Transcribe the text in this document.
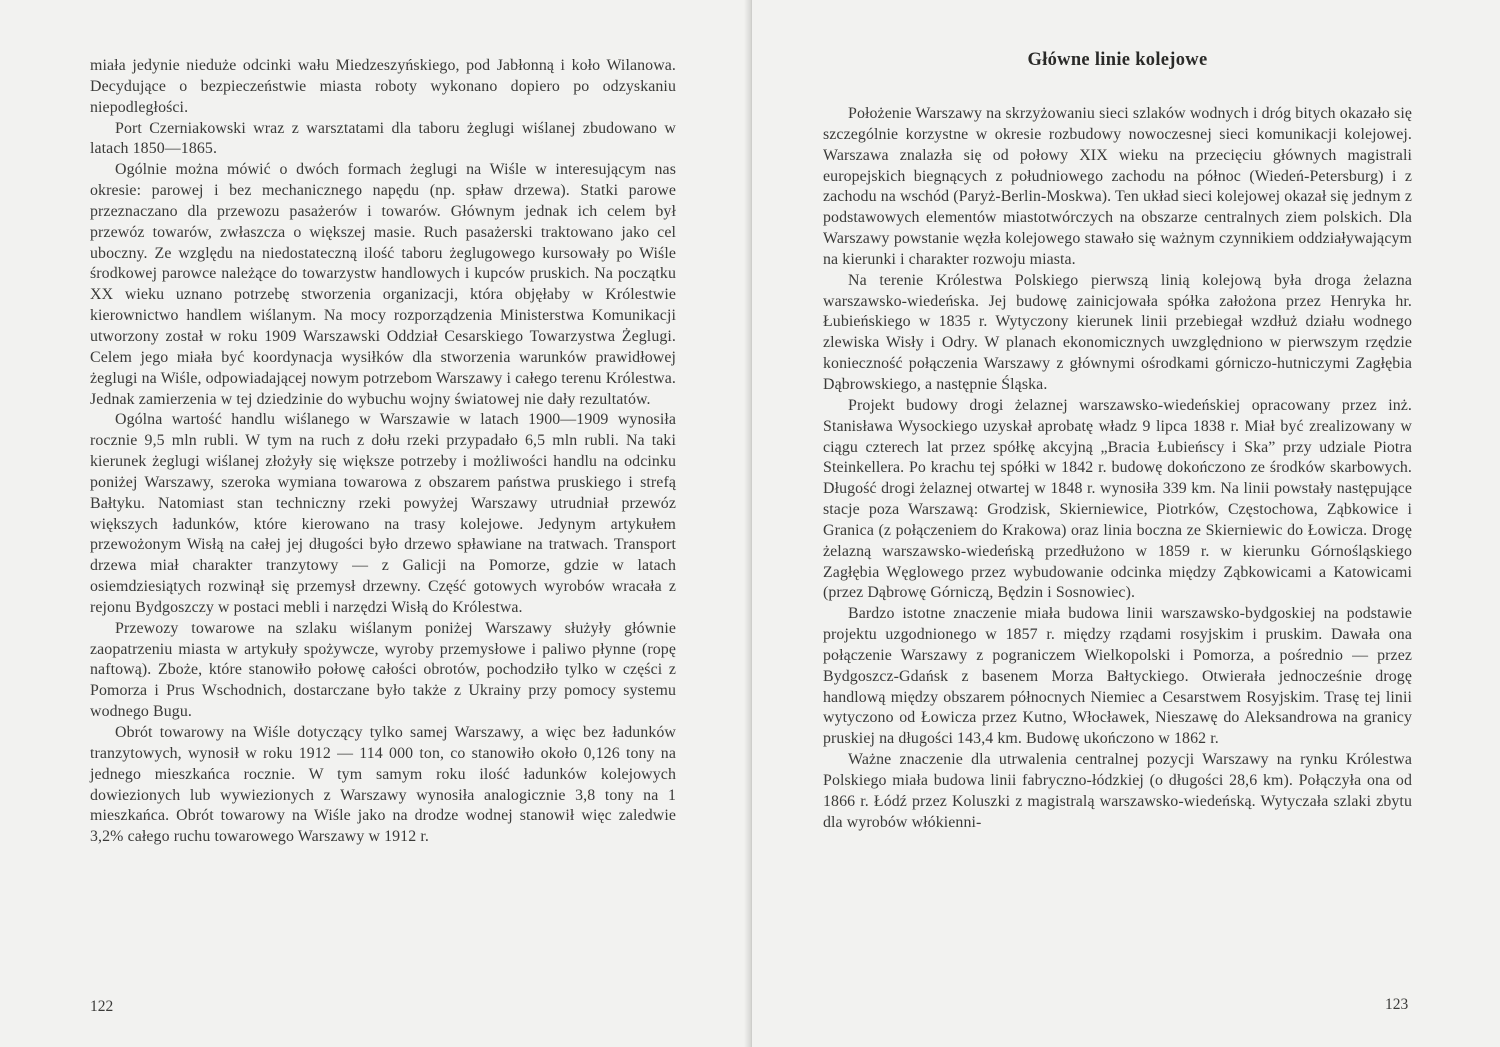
miała jedynie nieduże odcinki wału Miedzeszyńskiego, pod Jabłonną i koło Wilanowa. Decydujące o bezpieczeństwie miasta roboty wykonano dopiero po odzyskaniu niepodległości.

Port Czerniakowski wraz z warsztatami dla taboru żeglugi wiślanej zbudowano w latach 1850—1865.

Ogólnie można mówić o dwóch formach żeglugi na Wiśle w interesującym nas okresie: parowej i bez mechanicznego napędu (np. spław drzewa). Statki parowe przeznaczano dla przewozu pasażerów i towarów. Głównym jednak ich celem był przewóz towarów, zwłaszcza o większej masie. Ruch pasażerski traktowano jako cel uboczny. Ze względu na niedostateczną ilość taboru żeglugowego kursowały po Wiśle środkowej parowce należące do towarzystw handlowych i kupców pruskich. Na początku XX wieku uznano potrzebę stworzenia organizacji, która objęłaby w Królestwie kierownictwo handlem wiślanym. Na mocy rozporządzenia Ministerstwa Komunikacji utworzony został w roku 1909 Warszawski Oddział Cesarskiego Towarzystwa Żeglugi. Celem jego miała być koordynacja wysiłków dla stworzenia warunków prawidłowej żeglugi na Wiśle, odpowiadającej nowym potrzebom Warszawy i całego terenu Królestwa. Jednak zamierzenia w tej dziedzinie do wybuchu wojny światowej nie dały rezultatów.

Ogólna wartość handlu wiślanego w Warszawie w latach 1900—1909 wynosiła rocznie 9,5 mln rubli. W tym na ruch z dołu rzeki przypadało 6,5 mln rubli. Na taki kierunek żeglugi wiślanej złożyły się większe potrzeby i możliwości handlu na odcinku poniżej Warszawy, szeroka wymiana towarowa z obszarem państwa pruskiego i strefą Bałtyku. Natomiast stan techniczny rzeki powyżej Warszawy utrudniał przewóz większych ładunków, które kierowano na trasy kolejowe. Jedynym artykułem przewożonym Wisłą na całej jej długości było drzewo spławiane na tratwach. Transport drzewa miał charakter tranzytowy — z Galicji na Pomorze, gdzie w latach osiemdziesiątych rozwinął się przemysł drzewny. Część gotowych wyrobów wracała z rejonu Bydgoszczy w postaci mebli i narzędzi Wisłą do Królestwa.

Przewozy towarowe na szlaku wiślanym poniżej Warszawy służyły głównie zaopatrzeniu miasta w artykuły spożywcze, wyroby przemysłowe i paliwo płynne (ropę naftową). Zboże, które stanowiło połowę całości obrotów, pochodziło tylko w części z Pomorza i Prus Wschodnich, dostarczane było także z Ukrainy przy pomocy systemu wodnego Bugu.

Obrót towarowy na Wiśle dotyczący tylko samej Warszawy, a więc bez ładunków tranzytowych, wynosił w roku 1912 — 114 000 ton, co stanowiło około 0,126 tony na jednego mieszkańca rocznie. W tym samym roku ilość ładunków kolejowych dowiezionych lub wywiezionych z Warszawy wynosiła analogicznie 3,8 tony na 1 mieszkańca. Obrót towarowy na Wiśle jako na drodze wodnej stanowił więc zaledwie 3,2% całego ruchu towarowego Warszawy w 1912 r.

122
Główne linie kolejowe

Położenie Warszawy na skrzyżowaniu sieci szlaków wodnych i dróg bitych okazało się szczególnie korzystne w okresie rozbudowy nowoczesnej sieci komunikacji kolejowej. Warszawa znalazła się od połowy XIX wieku na przecięciu głównych magistrali europejskich biegnących z południowego zachodu na północ (Wiedeń-Petersburg) i z zachodu na wschód (Paryż-Berlin-Moskwa). Ten układ sieci kolejowej okazał się jednym z podstawowych elementów miastotwórczych na obszarze centralnych ziem polskich. Dla Warszawy powstanie węzła kolejowego stawało się ważnym czynnikiem oddziaływającym na kierunki i charakter rozwoju miasta.

Na terenie Królestwa Polskiego pierwszą linią kolejową była droga żelazna warszawsko-wiedeńska. Jej budowę zainicjowała spółka założona przez Henryka hr. Łubieńskiego w 1835 r. Wytyczony kierunek linii przebiegał wzdłuż działu wodnego zlewiska Wisły i Odry. W planach ekonomicznych uwzględniono w pierwszym rzędzie konieczność połączenia Warszawy z głównymi ośrodkami górniczo-hutniczymi Zagłębia Dąbrowskiego, a następnie Śląska.

Projekt budowy drogi żelaznej warszawsko-wiedeńskiej opracowany przez inż. Stanisława Wysockiego uzyskał aprobatę władz 9 lipca 1838 r. Miał być zrealizowany w ciągu czterech lat przez spółkę akcyjną „Bracia Łubieńscy i Ska” przy udziale Piotra Steinkellera. Po krachu tej spółki w 1842 r. budowę dokończono ze środków skarbowych. Długość drogi żelaznej otwartej w 1848 r. wynosiła 339 km. Na linii powstały następujące stacje poza Warszawą: Grodzisk, Skierniewice, Piotrków, Częstochowa, Ząbkowice i Granica (z połączeniem do Krakowa) oraz linia boczna ze Skierniewic do Łowicza. Drogę żelazną warszawsko-wiedeńską przedłużono w 1859 r. w kierunku Górnośląskiego Zagłębia Węglowego przez wybudowanie odcinka między Ząbkowicami a Katowicami (przez Dąbrowę Górniczą, Będzin i Sosnowiec).

Bardzo istotne znaczenie miała budowa linii warszawsko-bydgoskiej na podstawie projektu uzgodnionego w 1857 r. między rządami rosyjskim i pruskim. Dawała ona połączenie Warszawy z pograniczem Wielkopolski i Pomorza, a pośrednio — przez Bydgoszcz-Gdańsk z basenem Morza Bałtyckiego. Otwierała jednocześnie drogę handlową między obszarem północnych Niemiec a Cesarstwem Rosyjskim. Trasę tej linii wytyczono od Łowicza przez Kutno, Włocławek, Nieszawę do Aleksandrowa na granicy pruskiej na długości 143,4 km. Budowę ukończono w 1862 r.

Ważne znaczenie dla utrwalenia centralnej pozycji Warszawy na rynku Królestwa Polskiego miała budowa linii fabryczno-łódzkiej (o długości 28,6 km). Połączyła ona od 1866 r. Łódź przez Koluszki z magistralą warszawsko-wiedeńską. Wytyczała szlaki zbytu dla wyrobów włókienni-

123
